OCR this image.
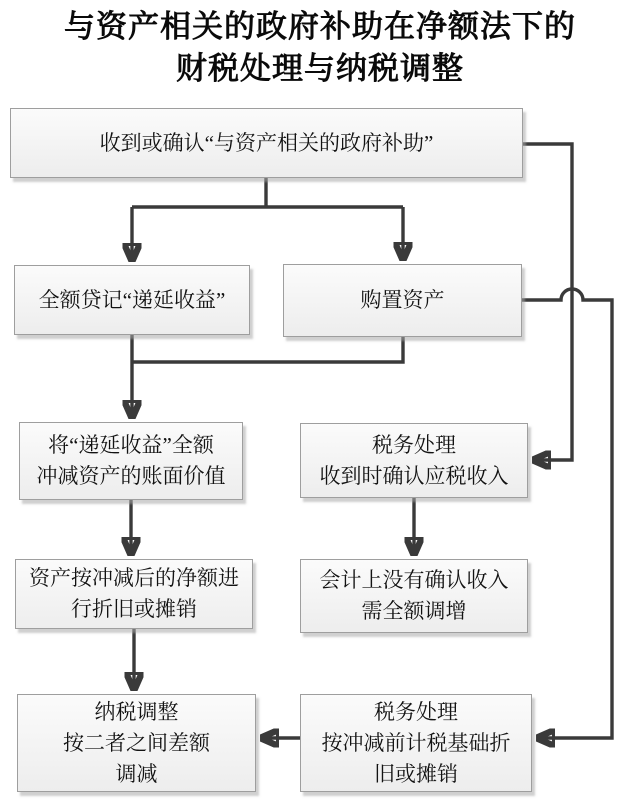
与资产相关的政府补助在净额法下的
财税处理与纳税调整
收到或确认“与资产相关的政府补助”
全额贷记“递延收益”	购置资产
将“递延收益”全额
冲减资产的账面价值
税务处理
收到时确认应税收入
资产按冲减后的净额进
行折旧或摊销
会计上没有确认收入
需全额调增
纳税调整
按二者之间差额
调减
税务处理
按冲减前计税基础折
旧或摊销
